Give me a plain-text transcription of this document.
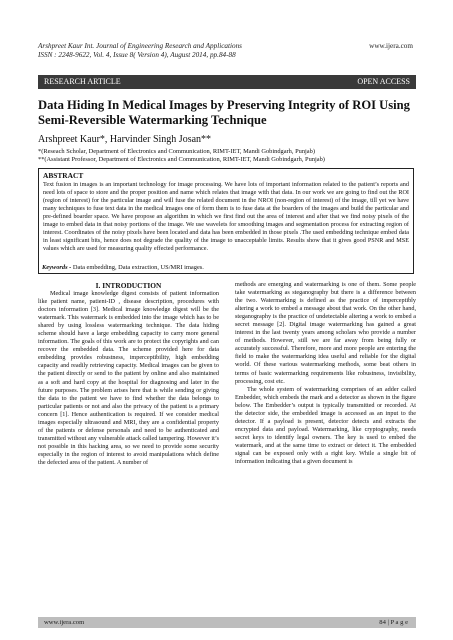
Arshpreet Kaur Int. Journal of Engineering Research and Applications	www.ijera.com
ISSN : 2248-9622, Vol. 4, Issue 8( Version 4), August 2014, pp.84-88
RESEARCH ARTICLE	OPEN ACCESS
Data Hiding In Medical Images by Preserving Integrity of ROI Using Semi-Reversible Watermarking Technique
Arshpreet Kaur*, Harvinder Singh Josan**
*(Reseach Scholar, Department of Electronics and Communication, RIMT-IET, Mandi Gobindgarh, Punjab)
**(Assistant Professor, Department of Electronics and Communication, RIMT-IET, Mandi Gobindgarh, Punjab)
ABSTRACT
Text fusion in images is an important technology for image processing. We have lots of important information related to the patient’s reports and need lots of space to store and the proper position and name which relates that image with that data. In our work we are going to find out the ROI (region of interest) for the particular image and will fuse the related document in the NROI (non-region of interest) of the image, till yet we have many techniques to fuse text data in the medical images one of form them is to fuse data at the boarders of the images and build the particular and pre-defined boarder space. We have propose an algorithm in which we first find out the area of interest and after that we find noisy pixels of the image to embed data in that noisy portions of the image. We use wavelets for smoothing images and segmentation process for extracting region of interest. Coordinates of the noisy pixels have been located and data has been embedded in those pixels .The used embedding technique embed data in least significant bits, hence does not degrade the quality of the image to unacceptable limits. Results show that it gives good PSNR and MSE values which are used for measuring quality effected performance.
Keywords - Data embedding, Data extraction, US/MRI images.
I. INTRODUCTION
Medical image knowledge digest consists of patient information like patient name, patient-ID , disease description, procedures with doctors information [3]. Medical image knowledge digest will be the watermark. This watermark is embedded into the image which has to be shared by using lossless watermarking technique. The data hiding scheme should have a large embedding capacity to carry more general information. The goals of this work are to protect the copyrights and can recover the embedded data. The scheme provided here for data embedding provides robustness, imperceptibility, high embedding capacity and readily retrieving capacity. Medical images can be given to the patient directly or send to the patient by online and also maintained as a soft and hard copy at the hospital for diagnosing and later in the future purposes. The problem arises here that is while sending or giving the data to the patient we have to find whether the data belongs to particular patients or not and also the privacy of the patient is a primary concern [1]. Hence authentication is required. If we consider medical images especially ultrasound and MRI, they are a confidential property of the patients or defense personals and need to be authenticated and transmitted without any vulnerable attack called tampering. However it’s not possible in this hacking area, so we need to provide some security especially in the region of interest to avoid manipulations which define the defected area of the patient. A number of
methods are emerging and watermarking is one of them. Some people take watermarking as steganography but there is a difference between the two. Watermarking is defined as the practice of imperceptibly altering a work to embed a message about that work. On the other hand, steganography is the practice of undetectable altering a work to embed a secret message [2]. Digital image watermarking has gained a great interest in the last twenty years among scholars who provide a number of methods. However, still we are far away from being fully or accurately successful. Therefore, more and more people are entering the field to make the watermarking idea useful and reliable for the digital world. Of these various watermarking methods, some beat others in terms of basic watermarking requirements like robustness, invisibility, processing, cost etc.
The whole system of watermarking comprises of an adder called Embedder, which embeds the mark and a detector as shown in the figure below. The Embedder’s output is typically transmitted or recorded. At the detector side, the embedded image is accessed as an input to the detector. If a payload is present, detector detects and extracts the encrypted data and payload. Watermarking, like cryptography, needs secret keys to identify legal owners. The key is used to embed the watermark, and at the same time to extract or detect it. The embedded signal can be exposed only with a right key. While a single bit of information indicating that a given document is
www.ijera.com	84 | P a g e
